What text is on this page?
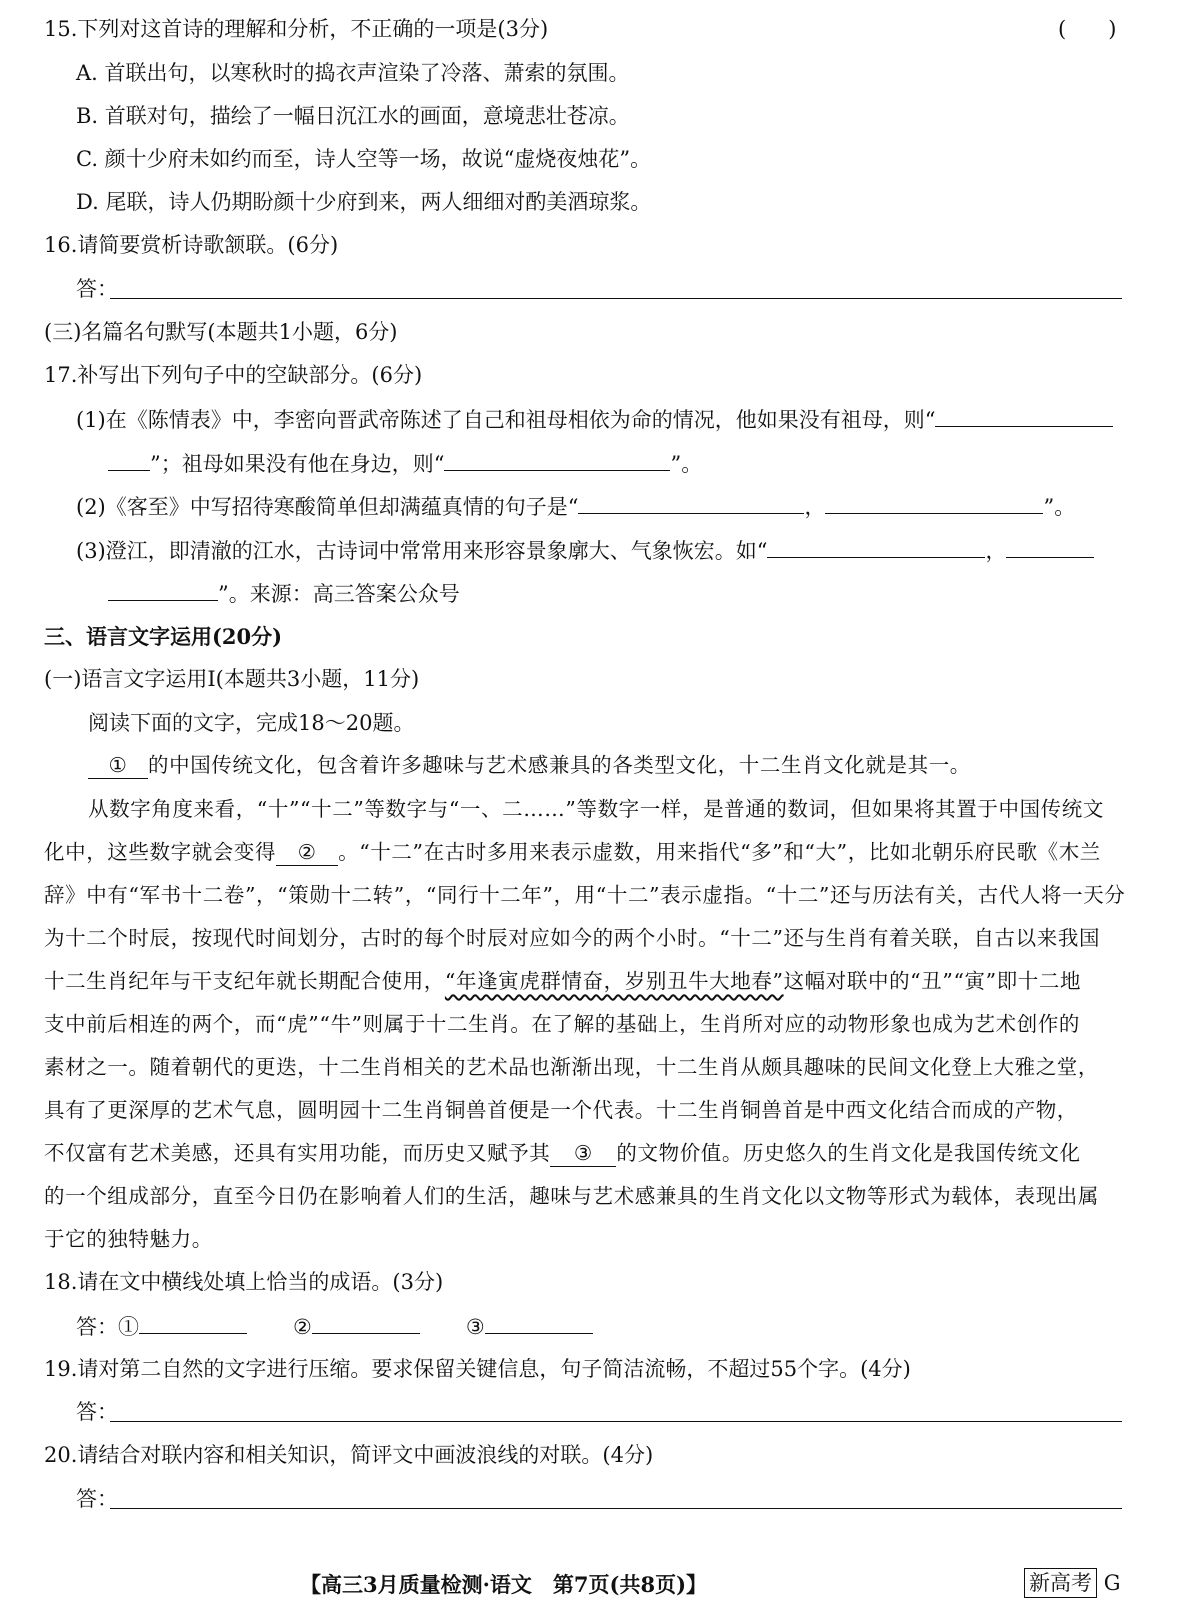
15.下列对这首诗的理解和分析，不正确的一项是(3分)	(　　)
A. 首联出句，以寒秋时的捣衣声渲染了冷落、萧索的氛围。
B. 首联对句，描绘了一幅日沉江水的画面，意境悲壮苍凉。
C. 颜十少府未如约而至，诗人空等一场，故说“虚烧夜烛花”。
D. 尾联，诗人仍期盼颜十少府到来，两人细细对酌美酒琼浆。
16.请简要赏析诗歌颔联。(6分)
答：
(三)名篇名句默写(本题共1小题，6分)
17.补写出下列句子中的空缺部分。(6分)
(1)在《陈情表》中，李密向晋武帝陈述了自己和祖母相依为命的情况，他如果没有祖母，则“
”；祖母如果没有他在身边，则“	”。
(2)《客至》中写招待寒酸简单但却满蕴真情的句子是“	，	”。
(3)澄江，即清澈的江水，古诗词中常常用来形容景象廓大、气象恢宏。如“	，
”。来源：高三答案公众号
三、语言文字运用(20分)
(一)语言文字运用Ⅰ(本题共3小题，11分)
阅读下面的文字，完成18～20题。
① 的中国传统文化，包含着许多趣味与艺术感兼具的各类型文化，十二生肖文化就是其一。
从数字角度来看，“十”“十二”等数字与“一、二……”等数字一样，是普通的数词，但如果将其置于中国传统文
化中，这些数字就会变得 ② 。“十二”在古时多用来表示虚数，用来指代“多”和“大”，比如北朝乐府民歌《木兰
辞》中有“军书十二卷”，“策勋十二转”，“同行十二年”，用“十二”表示虚指。“十二”还与历法有关，古代人将一天分
为十二个时辰，按现代时间划分，古时的每个时辰对应如今的两个小时。“十二”还与生肖有着关联，自古以来我国
十二生肖纪年与干支纪年就长期配合使用，“年逢寅虎群情奋，岁别丑牛大地春”这幅对联中的“丑”“寅”即十二地
支中前后相连的两个，而“虎”“牛”则属于十二生肖。在了解的基础上，生肖所对应的动物形象也成为艺术创作的
素材之一。随着朝代的更迭，十二生肖相关的艺术品也渐渐出现，十二生肖从颇具趣味的民间文化登上大雅之堂，
具有了更深厚的艺术气息，圆明园十二生肖铜兽首便是一个代表。十二生肖铜兽首是中西文化结合而成的产物，
不仅富有艺术美感，还具有实用功能，而历史又赋予其 ③ 的文物价值。历史悠久的生肖文化是我国传统文化
的一个组成部分，直至今日仍在影响着人们的生活，趣味与艺术感兼具的生肖文化以文物等形式为载体，表现出属
于它的独特魅力。
18.请在文中横线处填上恰当的成语。(3分)
答：①	②	③
19.请对第二自然的文字进行压缩。要求保留关键信息，句子简洁流畅，不超过55个字。(4分)
答：
20.请结合对联内容和相关知识，简评文中画波浪线的对联。(4分)
答：
【高三3月质量检测·语文　第7页(共8页)】	新高考 G
